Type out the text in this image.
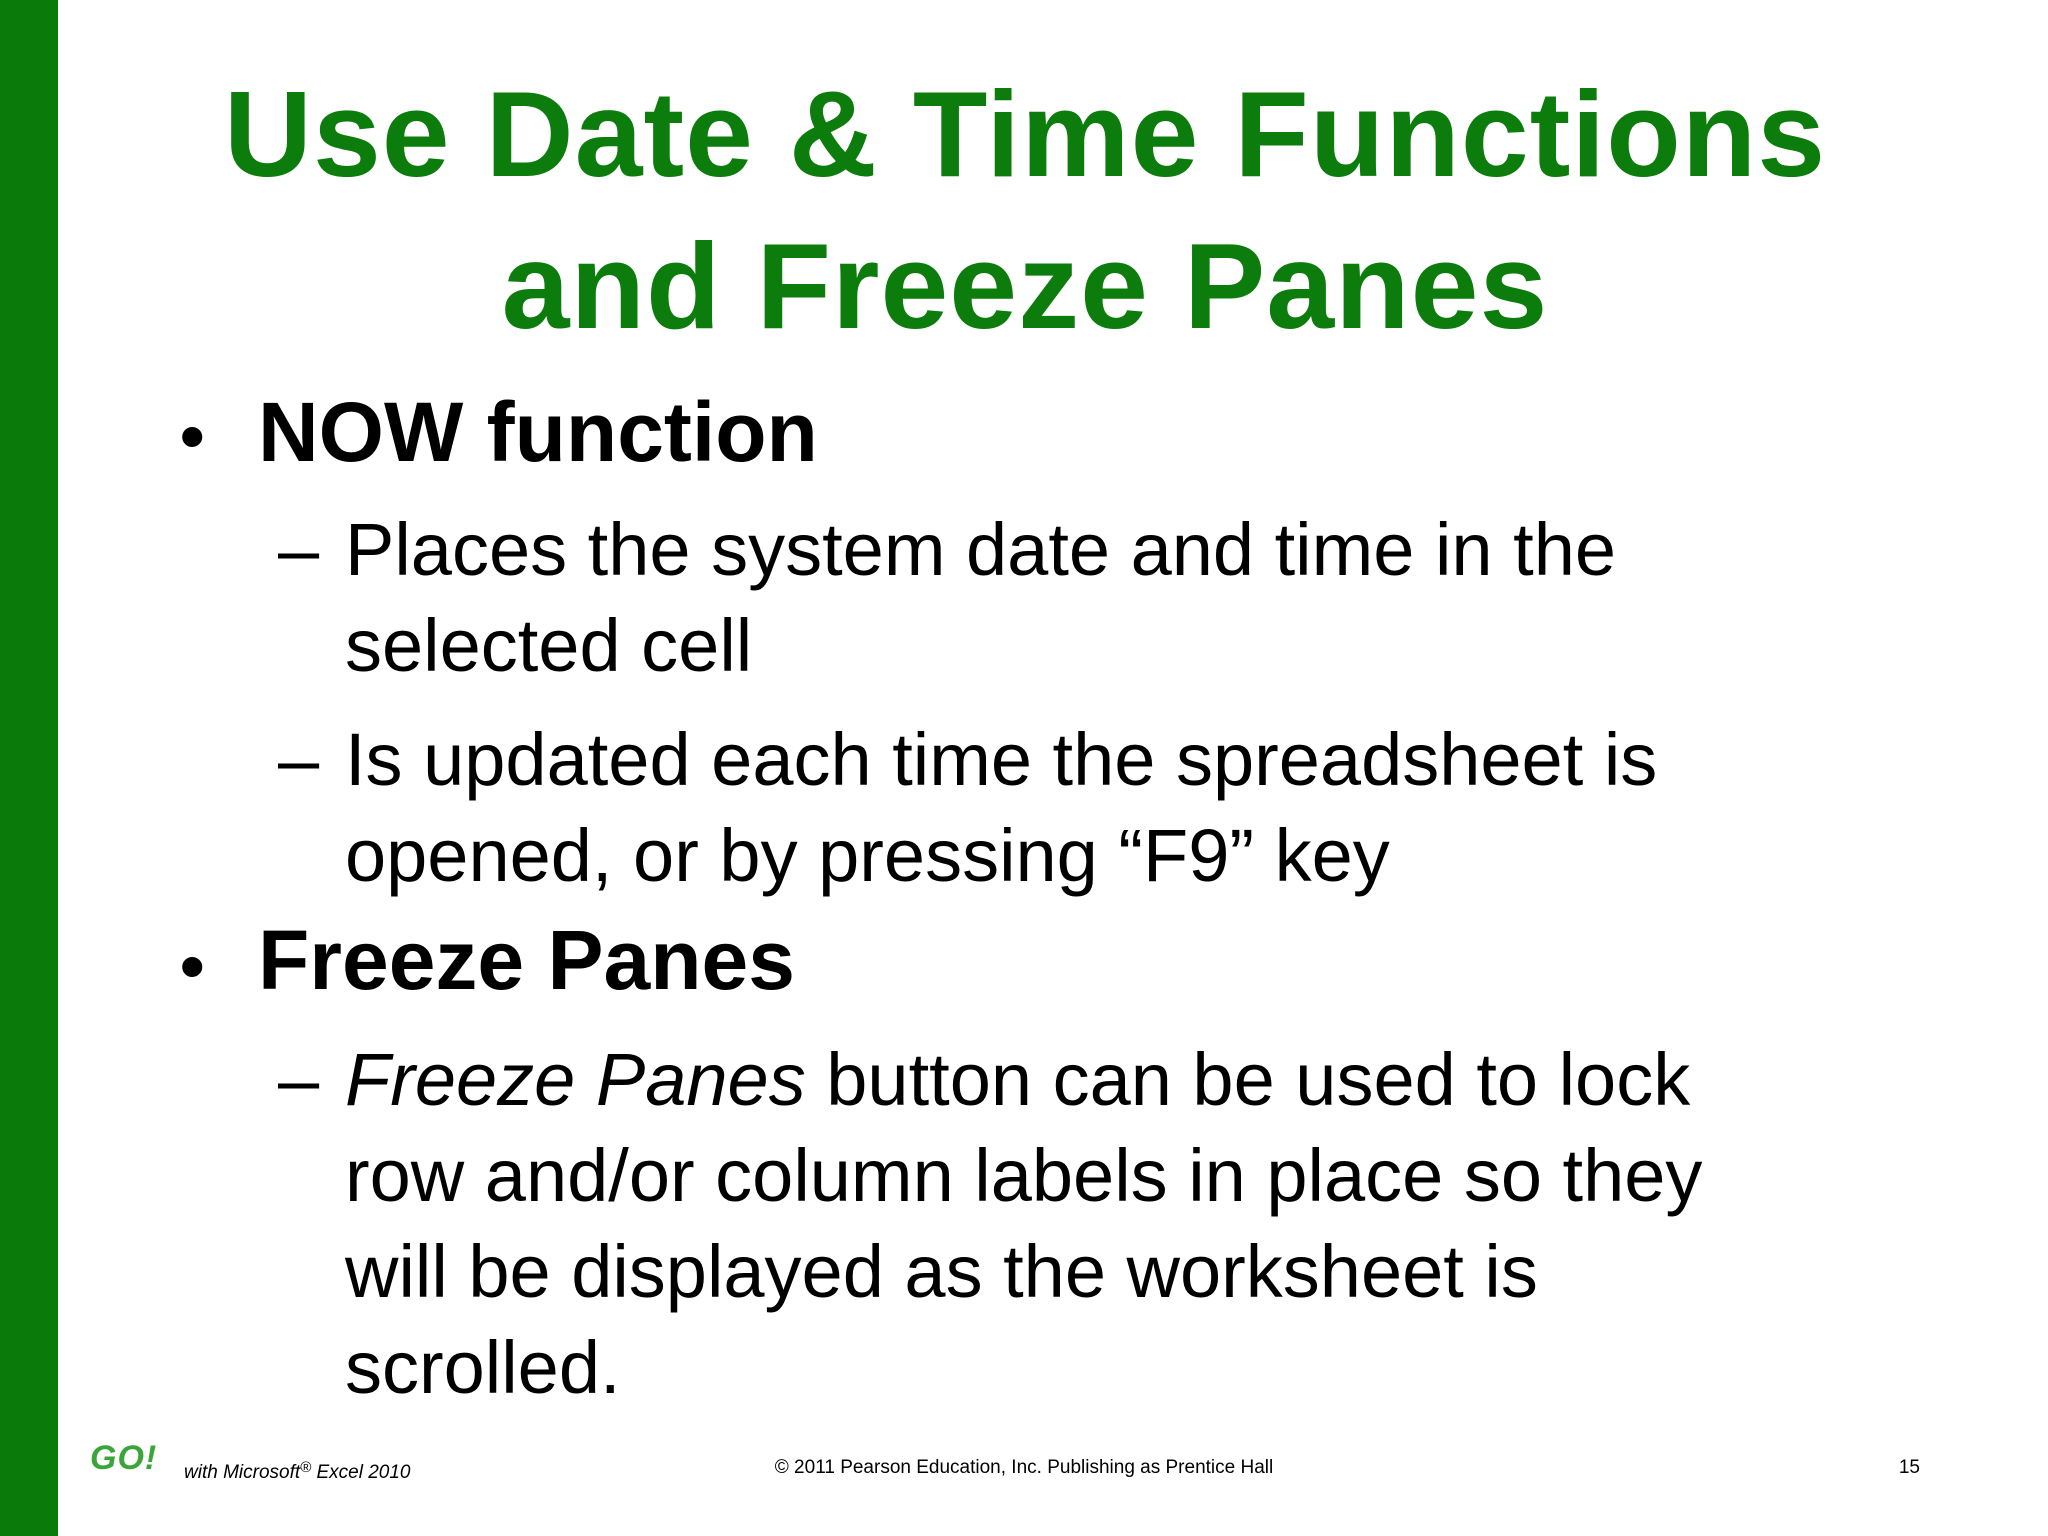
Use Date & Time Functions
and Freeze Panes
• NOW function
– Places the system date and time in the
selected cell
– Is updated each time the spreadsheet is
opened, or by pressing “F9” key
• Freeze Panes
– Freeze Panes button can be used to lock
row and/or column labels in place so they
will be displayed as the worksheet is
scrolled.
GO! with Microsoft® Excel 2010	© 2011 Pearson Education, Inc. Publishing as Prentice Hall	15
